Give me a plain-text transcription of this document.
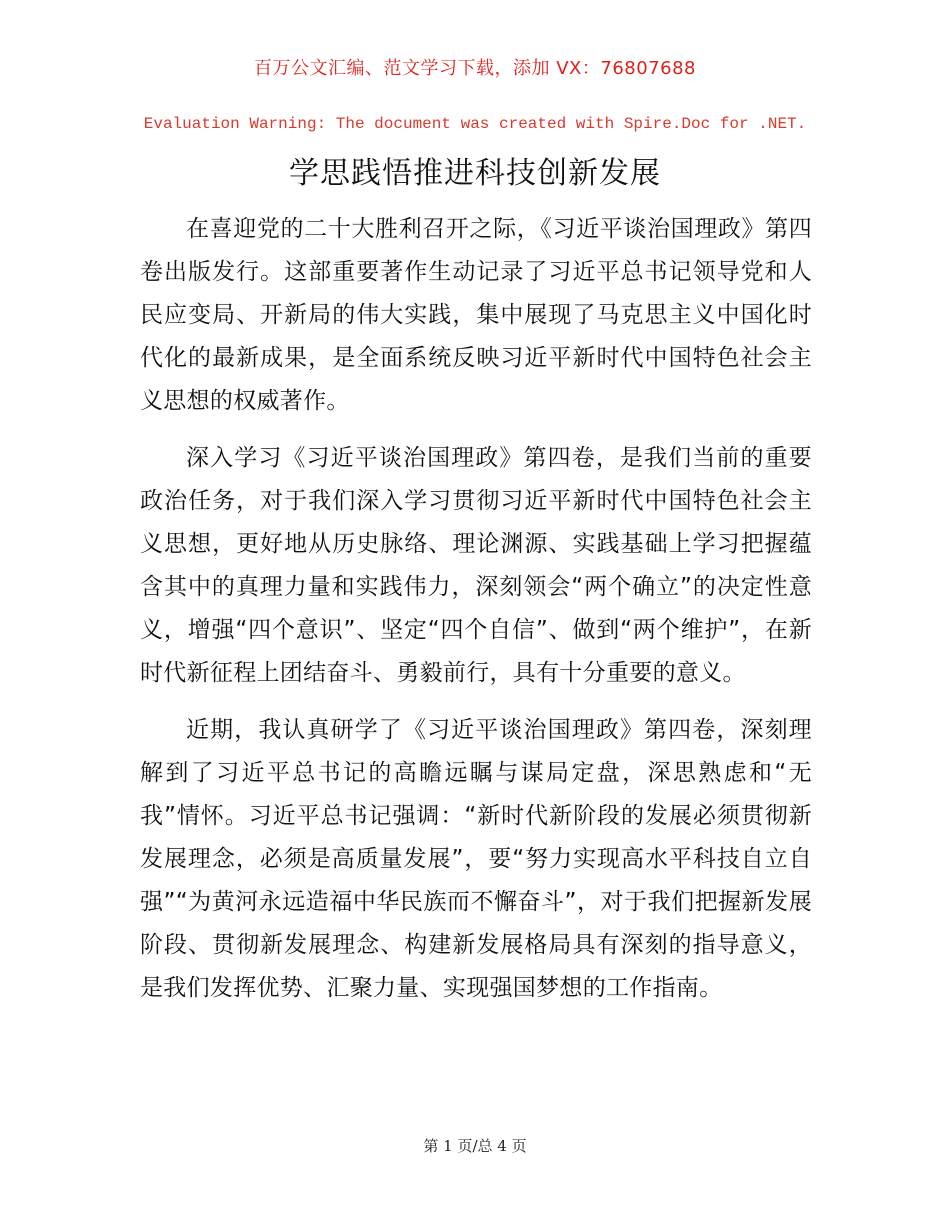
百万公文汇编、范文学习下载，添加 VX：76807688
Evaluation Warning: The document was created with Spire.Doc for .NET.
学思践悟推进科技创新发展

在喜迎党的二十大胜利召开之际，《习近平谈治国理政》第四卷出版发行。这部重要著作生动记录了习近平总书记领导党和人民应变局、开新局的伟大实践，集中展现了马克思主义中国化时代化的最新成果，是全面系统反映习近平新时代中国特色社会主义思想的权威著作。

深入学习《习近平谈治国理政》第四卷，是我们当前的重要政治任务，对于我们深入学习贯彻习近平新时代中国特色社会主义思想，更好地从历史脉络、理论渊源、实践基础上学习把握蕴含其中的真理力量和实践伟力，深刻领会“两个确立”的决定性意义，增强“四个意识”、坚定“四个自信”、做到“两个维护”，在新时代新征程上团结奋斗、勇毅前行，具有十分重要的意义。

近期，我认真研学了《习近平谈治国理政》第四卷，深刻理解到了习近平总书记的高瞻远瞩与谋局定盘，深思熟虑和“无我”情怀。习近平总书记强调：“新时代新阶段的发展必须贯彻新发展理念，必须是高质量发展”，要“努力实现高水平科技自立自强”“为黄河永远造福中华民族而不懈奋斗”，对于我们把握新发展阶段、贯彻新发展理念、构建新发展格局具有深刻的指导意义，是我们发挥优势、汇聚力量、实现强国梦想的工作指南。

第 1 页/总 4 页
